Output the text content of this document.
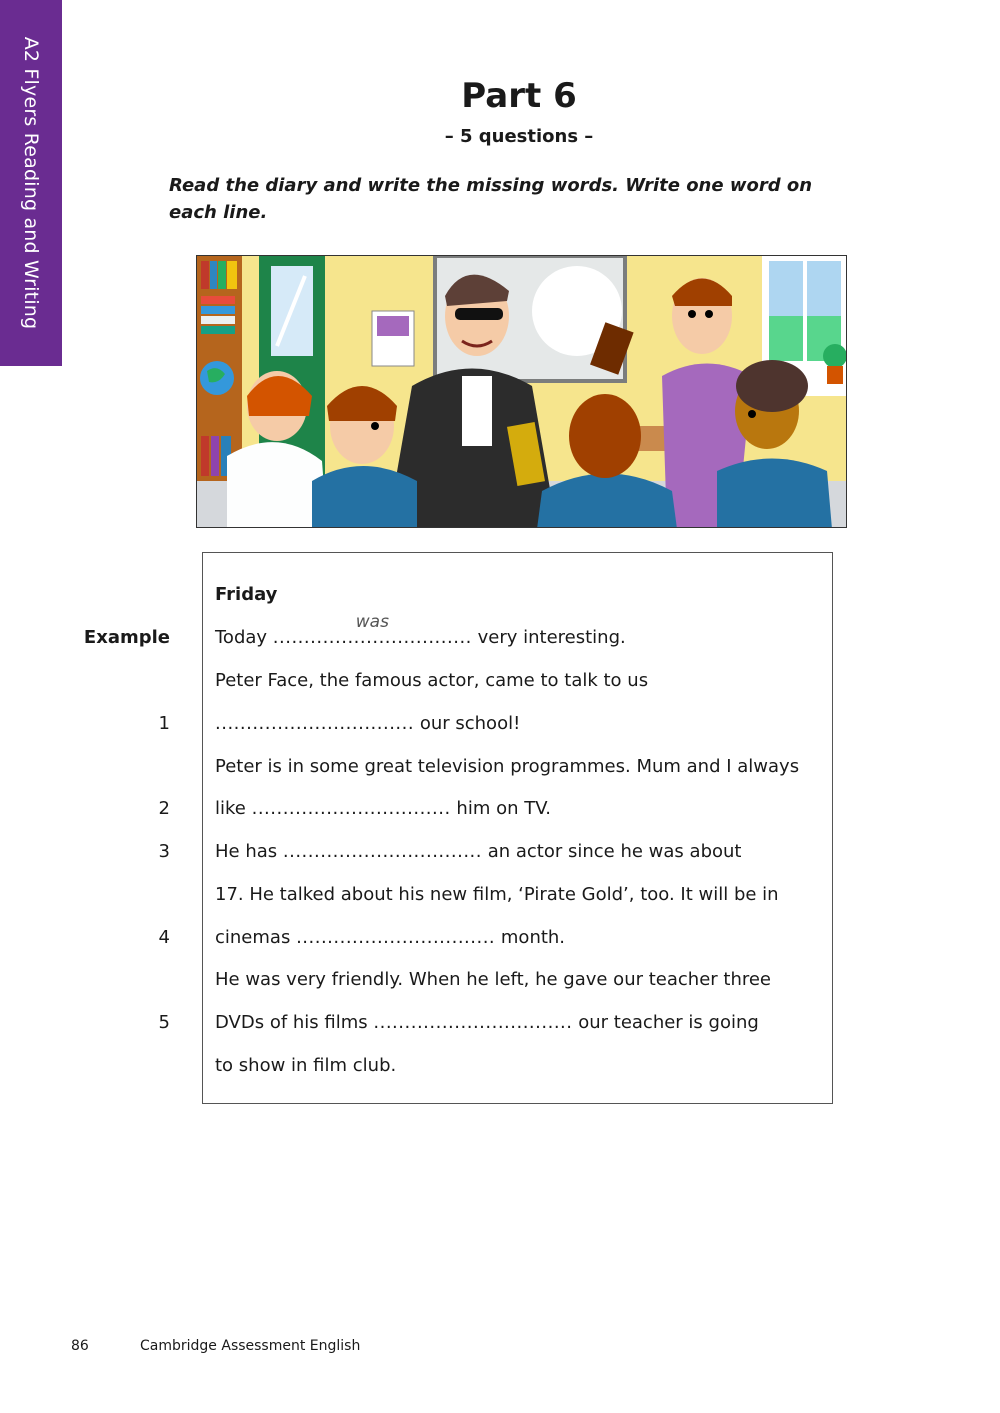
A2 Flyers Reading and Writing	Part 6
– 5 questions –
Read the diary and write the missing words. Write one word on each line.
Friday
Example	Today ................................
was
very interesting.
Peter Face, the famous actor, came to talk to us
1	................................ our school!
Peter is in some great television programmes. Mum and I always
2	like ................................ him on TV.
3	He has ................................ an actor since he was about
17. He talked about his new film, ‘Pirate Gold’, too. It will be in
4	cinemas ................................ month.
He was very friendly. When he left, he gave our teacher three
5	DVDs of his films ................................ our teacher is going
to show in film club.
86	Cambridge Assessment English
